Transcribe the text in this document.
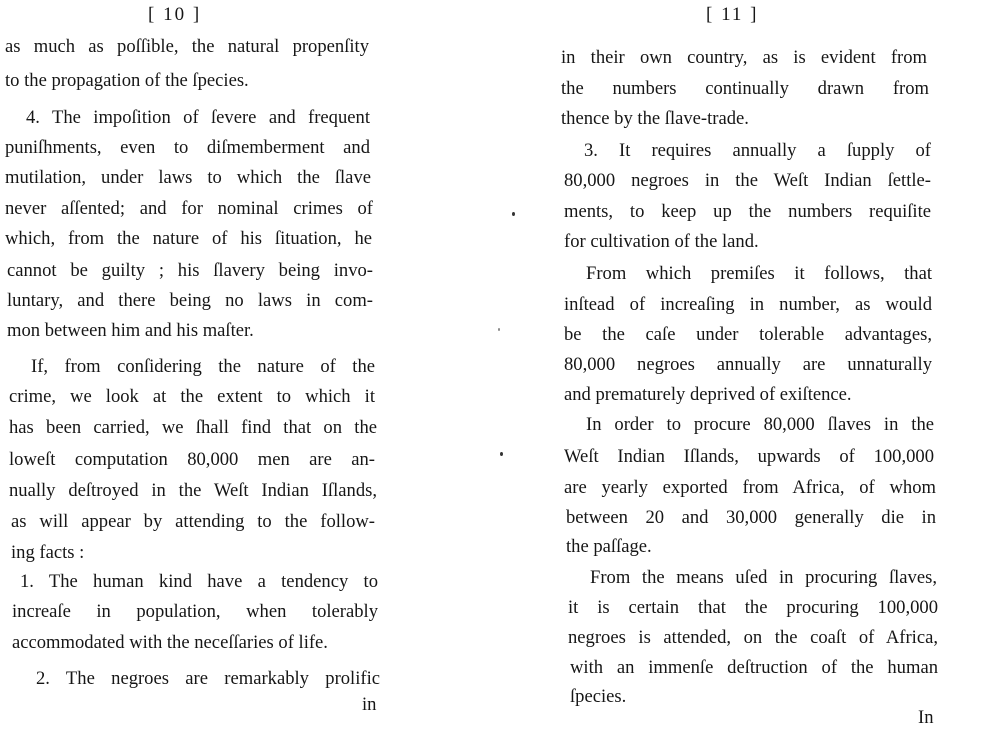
[ 10 ]
as much as poſſible, the natural propenſity
to the propagation of the ſpecies.
4. The impoſition of ſevere and frequent
puniſhments, even to diſmemberment and
mutilation, under laws to which the ſlave
never aſſented; and for nominal crimes of
which, from the nature of his ſituation, he
cannot be guilty ; his ſlavery being invo-
luntary, and there being no laws in com-
mon between him and his maſter.
If, from conſidering the nature of the
crime, we look at the extent to which it
has been carried, we ſhall find that on the
loweſt computation 80,000 men are an-
nually deſtroyed in the Weſt Indian Iſlands,
as will appear by attending to the follow-
ing facts :
1. The human kind have a tendency to
increaſe in population, when tolerably
accommodated with the neceſſaries of life.
2. The negroes are remarkably prolific
in
[ 11 ]
in their own country, as is evident from
the numbers continually drawn from
thence by the ſlave-trade.
3. It requires annually a ſupply of
80,000 negroes in the Weſt Indian ſettle-
ments, to keep up the numbers requiſite
for cultivation of the land.
From which premiſes it follows, that
inſtead of increaſing in number, as would
be the caſe under tolerable advantages,
80,000 negroes annually are unnaturally
and prematurely deprived of exiſtence.
In order to procure 80,000 ſlaves in the
Weſt Indian Iſlands, upwards of 100,000
are yearly exported from Africa, of whom
between 20 and 30,000 generally die in
the paſſage.
From the means uſed in procuring ſlaves,
it is certain that the procuring 100,000
negroes is attended, on the coaſt of Africa,
with an immenſe deſtruction of the human
ſpecies.
In
